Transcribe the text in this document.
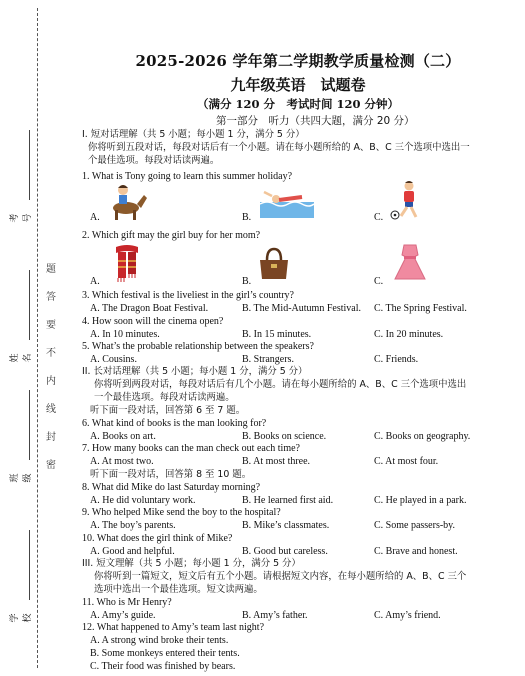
考号
姓名
班级
学校
题
答
要
不
内
线
封
密
2025-2026 学年第二学期教学质量检测（二）
九年级英语　试题卷
（满分 120 分　考试时间 120 分钟）
第一部分　听力（共四大题，满分 20 分）
I. 短对话理解（共 5 小题；每小题 1 分，满分 5 分）
你将听到五段对话，每段对话后有一个小题。请在每小题所给的 A、B、C 三个选项中选出一
个最佳选项。每段对话读两遍。
1. What is Tony going to learn this summer holiday?
A.	B.	C.
2. Which gift may the girl buy for her mom?
A.	B.	C.
3. Which festival is the liveliest in the girl’s country?
A. The Dragon Boat Festival.	B. The Mid-Autumn Festival. C. The Spring Festival.
4. How soon will the cinema open?
A. In 10 minutes.	B. In 15 minutes.	C. In 20 minutes.
5. What’s the probable relationship between the speakers?
A. Cousins.	B. Strangers.	C. Friends.
II. 长对话理解（共 5 小题；每小题 1 分，满分 5 分）
你将听到两段对话，每段对话后有几个小题。请在每小题所给的 A、B、C 三个选项中选出
一个最佳选项。每段对话读两遍。
听下面一段对话，回答第 6 至 7 题。
6. What kind of books is the man looking for?
A. Books on art.	B. Books on science.	C. Books on geography.
7. How many books can the man check out each time?
A. At most two.	B. At most three.	C. At most four.
听下面一段对话，回答第 8 至 10 题。
8. What did Mike do last Saturday morning?
A. He did voluntary work.	B. He learned first aid.	C. He played in a park.
9. Who helped Mike send the boy to the hospital?
A. The boy’s parents.	B. Mike’s classmates.	C. Some passers-by.
10. What does the girl think of Mike?
A. Good and helpful.	B. Good but careless.	C. Brave and honest.
III. 短文理解（共 5 小题；每小题 1 分，满分 5 分）
你将听到一篇短文，短文后有五个小题。请根据短文内容，在每小题所给的 A、B、C 三个
选项中选出一个最佳选项。短文读两遍。
11. Who is Mr Henry?
A. Amy’s guide.	B. Amy’s father.	C. Amy’s friend.
12. What happened to Amy’s team last night?
A. A strong wind broke their tents.
B. Some monkeys entered their tents.
C. Their food was finished by bears.
